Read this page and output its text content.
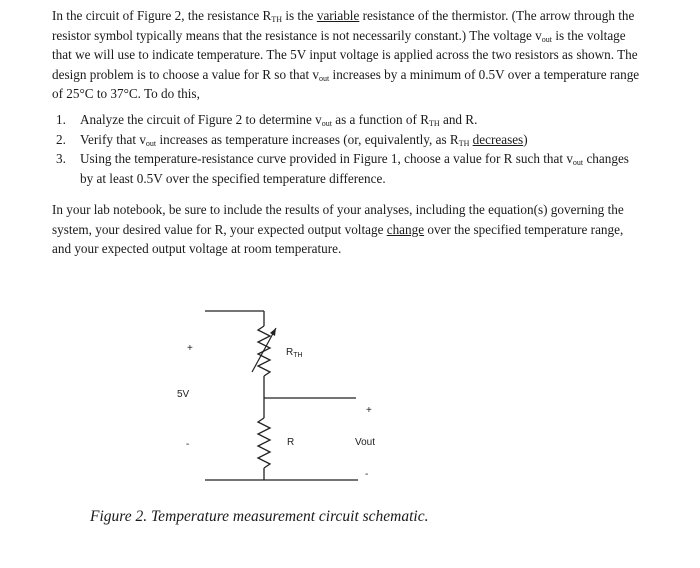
In the circuit of Figure 2, the resistance $R_{TH}$ is the variable resistance of the thermistor. (The arrow through the resistor symbol typically means that the resistance is not necessarily constant.) The voltage $v_{out}$ is the voltage that we will use to indicate temperature. The 5V input voltage is applied across the two resistors as shown. The design problem is to choose a value for R so that $v_{out}$ increases by a minimum of 0.5V over a temperature range of 25°C to 37°C. To do this,

1. Analyze the circuit of Figure 2 to determine $v_{out}$ as a function of $R_{TH}$ and R.
2. Verify that $v_{out}$ increases as temperature increases (or, equivalently, as $R_{TH}$ decreases)
3. Using the temperature-resistance curve provided in Figure 1, choose a value for R such that $v_{out}$ changes by at least 0.5V over the specified temperature difference.

In your lab notebook, be sure to include the results of your analyses, including the equation(s) governing the system, your desired value for R, your expected output voltage change over the specified temperature range, and your expected output voltage at room temperature.

+
5V
-
$R_{TH}$
R
+
Vout
-
Figure 2. Temperature measurement circuit schematic.
